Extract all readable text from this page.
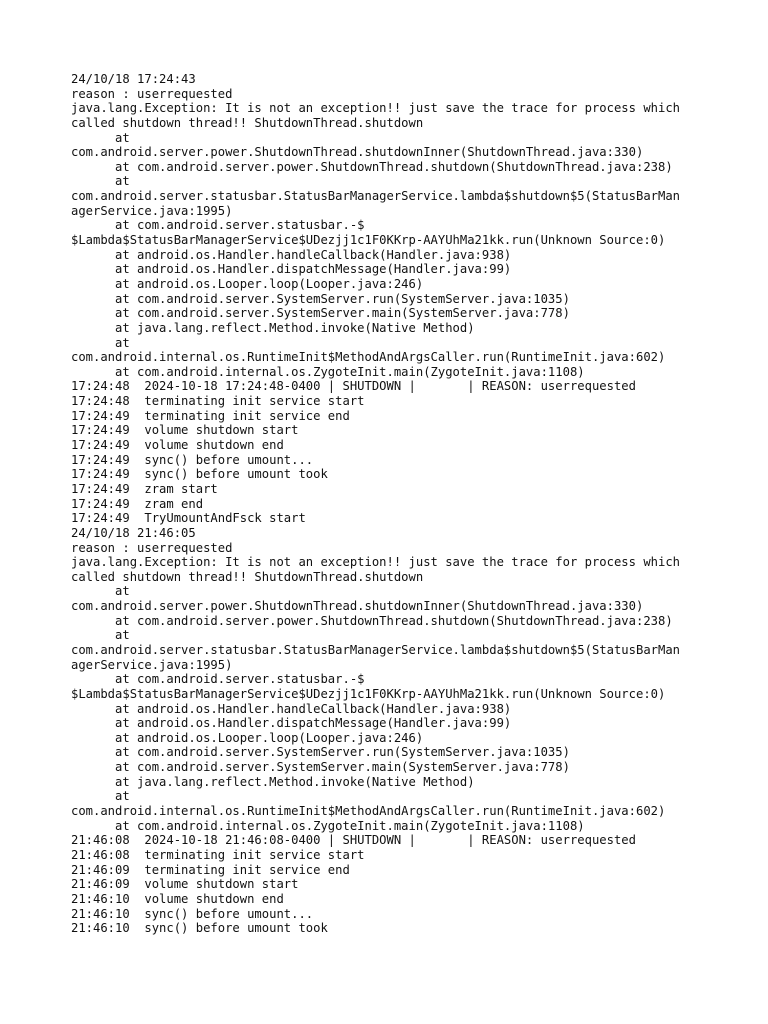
24/10/18 17:24:43
reason : userrequested
java.lang.Exception: It is not an exception!! just save the trace for process which
called shutdown thread!! ShutdownThread.shutdown
at
com.android.server.power.ShutdownThread.shutdownInner(ShutdownThread.java:330)
at com.android.server.power.ShutdownThread.shutdown(ShutdownThread.java:238)
at
com.android.server.statusbar.StatusBarManagerService.lambda$shutdown$5(StatusBarMan
agerService.java:1995)
at com.android.server.statusbar.-$
$Lambda$StatusBarManagerService$UDezjj1c1F0KKrp-AAYUhMa21kk.run(Unknown Source:0)
at android.os.Handler.handleCallback(Handler.java:938)
at android.os.Handler.dispatchMessage(Handler.java:99)
at android.os.Looper.loop(Looper.java:246)
at com.android.server.SystemServer.run(SystemServer.java:1035)
at com.android.server.SystemServer.main(SystemServer.java:778)
at java.lang.reflect.Method.invoke(Native Method)
at
com.android.internal.os.RuntimeInit$MethodAndArgsCaller.run(RuntimeInit.java:602)
at com.android.internal.os.ZygoteInit.main(ZygoteInit.java:1108)
17:24:48  2024-10-18 17:24:48-0400 | SHUTDOWN |       | REASON: userrequested
17:24:48  terminating init service start
17:24:49  terminating init service end
17:24:49  volume shutdown start
17:24:49  volume shutdown end
17:24:49  sync() before umount...
17:24:49  sync() before umount took
17:24:49  zram start
17:24:49  zram end
17:24:49  TryUmountAndFsck start
24/10/18 21:46:05
reason : userrequested
java.lang.Exception: It is not an exception!! just save the trace for process which
called shutdown thread!! ShutdownThread.shutdown
at
com.android.server.power.ShutdownThread.shutdownInner(ShutdownThread.java:330)
at com.android.server.power.ShutdownThread.shutdown(ShutdownThread.java:238)
at
com.android.server.statusbar.StatusBarManagerService.lambda$shutdown$5(StatusBarMan
agerService.java:1995)
at com.android.server.statusbar.-$
$Lambda$StatusBarManagerService$UDezjj1c1F0KKrp-AAYUhMa21kk.run(Unknown Source:0)
at android.os.Handler.handleCallback(Handler.java:938)
at android.os.Handler.dispatchMessage(Handler.java:99)
at android.os.Looper.loop(Looper.java:246)
at com.android.server.SystemServer.run(SystemServer.java:1035)
at com.android.server.SystemServer.main(SystemServer.java:778)
at java.lang.reflect.Method.invoke(Native Method)
at
com.android.internal.os.RuntimeInit$MethodAndArgsCaller.run(RuntimeInit.java:602)
at com.android.internal.os.ZygoteInit.main(ZygoteInit.java:1108)
21:46:08  2024-10-18 21:46:08-0400 | SHUTDOWN |       | REASON: userrequested
21:46:08  terminating init service start
21:46:09  terminating init service end
21:46:09  volume shutdown start
21:46:10  volume shutdown end
21:46:10  sync() before umount...
21:46:10  sync() before umount took
